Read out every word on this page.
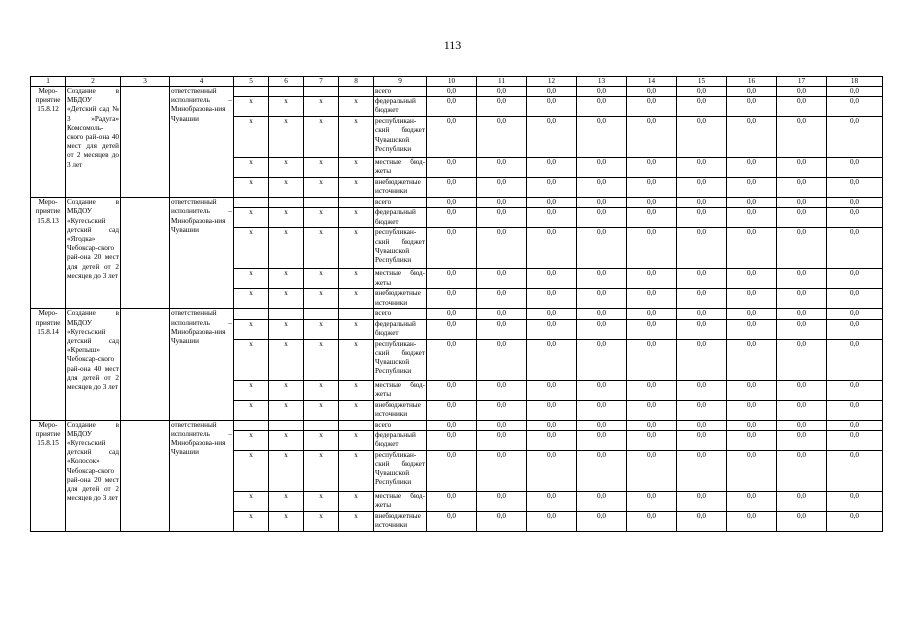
113
1	2	3	4	5	6	7	8	9	10	11	12	13	14	15	16	17	18
Меро-приятие 15.8.12	Создание в МБДОУ «Детский сад № 3 »Радуга» Комсомоль-ского рай-она 40 мест для детей от 2 месяцев до 3 лет		ответственный исполнитель – Минобразова-ния Чувашии					всего	0,0	0,0	0,0	0,0	0,0	0,0	0,0	0,0	0,0
				x	x	x	x	федеральный бюджет	0,0	0,0	0,0	0,0	0,0	0,0	0,0	0,0	0,0
				x	x	x	x	республикан-ский бюджет Чувашской Республики	0,0	0,0	0,0	0,0	0,0	0,0	0,0	0,0	0,0
				x	x	x	x	местные бюд-жеты	0,0	0,0	0,0	0,0	0,0	0,0	0,0	0,0	0,0
				x	x	x	x	внебюджетные источники	0,0	0,0	0,0	0,0	0,0	0,0	0,0	0,0	0,0
Меро-приятие 15.8.13	Создание в МБДОУ «Кугесьский детский сад «Ягодка» Чебоксар-ского рай-она 20 мест для детей от 2 месяцев до 3 лет		ответственный исполнитель – Минобразова-ния Чувашии					всего	0,0	0,0	0,0	0,0	0,0	0,0	0,0	0,0	0,0
				x	x	x	x	федеральный бюджет	0,0	0,0	0,0	0,0	0,0	0,0	0,0	0,0	0,0
				x	x	x	x	республикан-ский бюджет Чувашской Республики	0,0	0,0	0,0	0,0	0,0	0,0	0,0	0,0	0,0
				x	x	x	x	местные бюд-жеты	0,0	0,0	0,0	0,0	0,0	0,0	0,0	0,0	0,0
				x	x	x	x	внебюджетные источники	0,0	0,0	0,0	0,0	0,0	0,0	0,0	0,0	0,0
Меро-приятие 15.8.14	Создание в МБДОУ «Кугесьский детский сад «Крепыш» Чебоксар-ского рай-она 40 мест для детей от 2 месяцев до 3 лет		ответственный исполнитель – Минобразова-ния Чувашии					всего	0,0	0,0	0,0	0,0	0,0	0,0	0,0	0,0	0,0
				x	x	x	x	федеральный бюджет	0,0	0,0	0,0	0,0	0,0	0,0	0,0	0,0	0,0
				x	x	x	x	республикан-ский бюджет Чувашской Республики	0,0	0,0	0,0	0,0	0,0	0,0	0,0	0,0	0,0
				x	x	x	x	местные бюд-жеты	0,0	0,0	0,0	0,0	0,0	0,0	0,0	0,0	0,0
				x	x	x	x	внебюджетные источники	0,0	0,0	0,0	0,0	0,0	0,0	0,0	0,0	0,0
Меро-приятие 15.8.15	Создание в МБДОУ «Кугесьский детский сад «Колосок» Чебоксар-ского рай-она 20 мест для детей от 2 месяцев до 3 лет		ответственный исполнитель – Минобразова-ния Чувашии					всего	0,0	0,0	0,0	0,0	0,0	0,0	0,0	0,0	0,0
				x	x	x	x	федеральный бюджет	0,0	0,0	0,0	0,0	0,0	0,0	0,0	0,0	0,0
				x	x	x	x	республикан-ский бюджет Чувашской Республики	0,0	0,0	0,0	0,0	0,0	0,0	0,0	0,0	0,0
				x	x	x	x	местные бюд-жеты	0,0	0,0	0,0	0,0	0,0	0,0	0,0	0,0	0,0
				x	x	x	x	внебюджетные источники	0,0	0,0	0,0	0,0	0,0	0,0	0,0	0,0	0,0
